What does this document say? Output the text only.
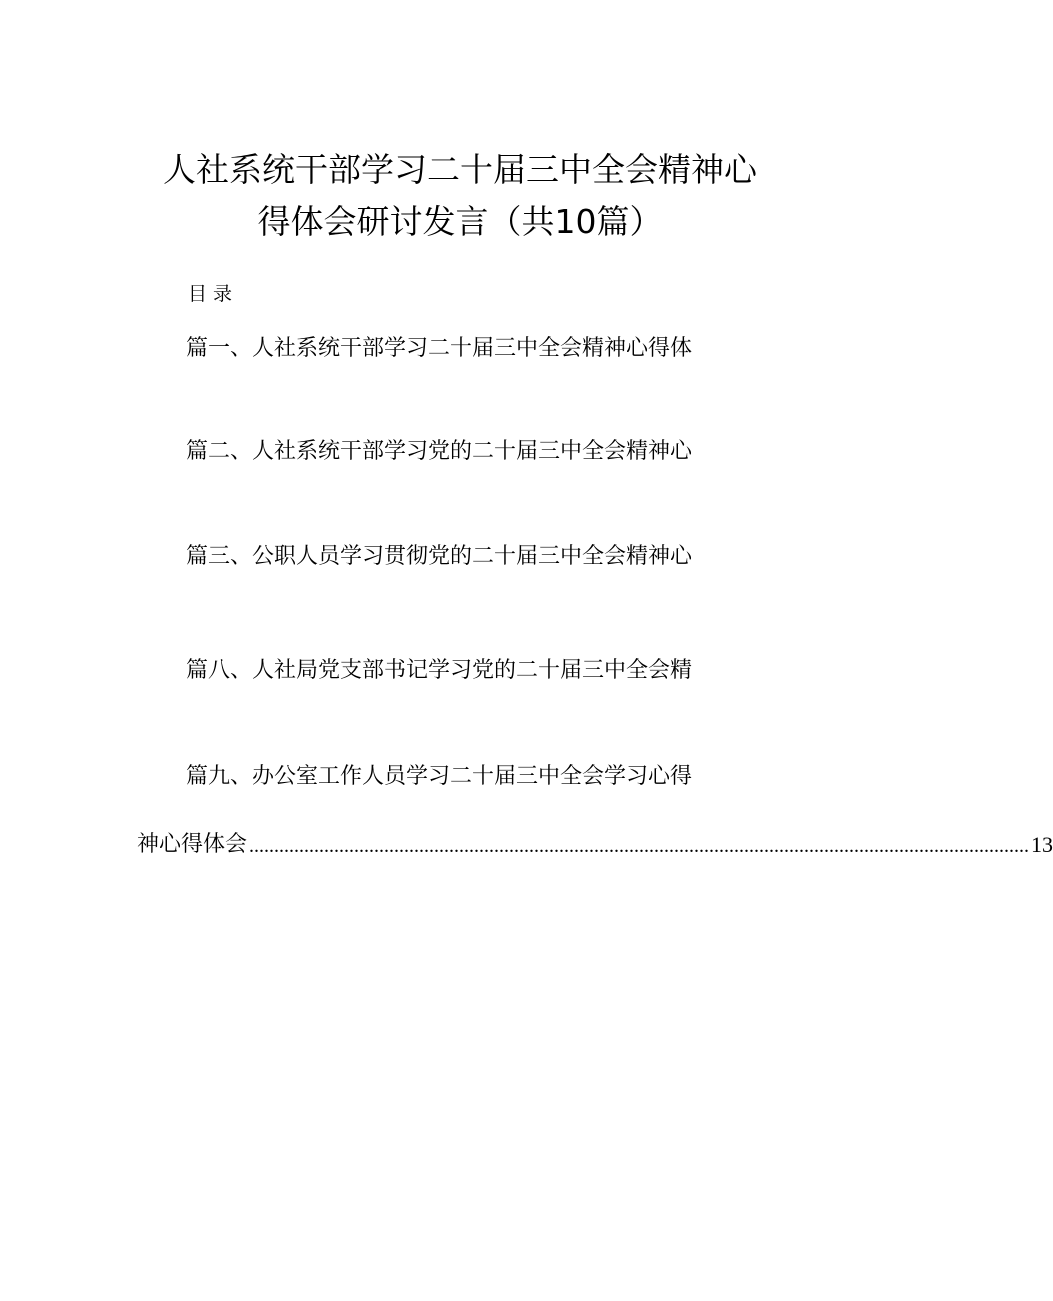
人社系统干部学习二十届三中全会精神心
得体会研讨发言（共10篇）
目录
篇一、人社系统干部学习二十届三中全会精神心得体
篇二、人社系统干部学习党的二十届三中全会精神心
篇三、公职人员学习贯彻党的二十届三中全会精神心
篇八、人社局党支部书记学习党的二十届三中全会精
篇九、办公室工作人员学习二十届三中全会学习心得
神心得体会 ............................................................................................................................................................ 13
